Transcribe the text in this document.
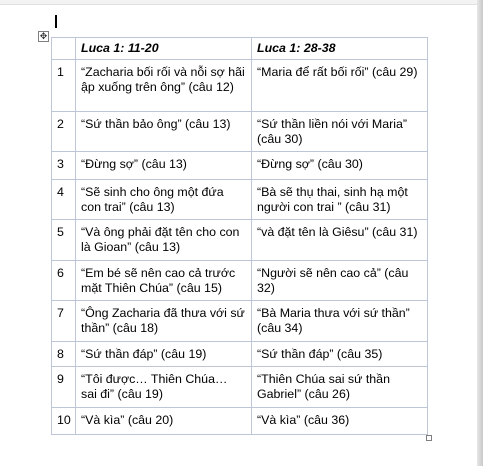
✥
	Luca 1: 11-20	Luca 1: 28-38
1	“Zacharia bối rối và nỗi sợ hãi ập xuống trên ông” (câu 12)	“Maria để rất bối rối” (câu 29)
2	“Sứ thần bảo ông” (câu 13)	“Sứ thần liền nói với Maria” (câu 30)
3	“Đừng sợ” (câu 13)	“Đừng sợ” (câu 30)
4	“Sẽ sinh cho ông một đứa con trai” (câu 13)	“Bà sẽ thụ thai, sinh hạ một người con trai ” (câu 31)
5	“Và ông phải đặt tên cho con là Gioan” (câu 13)	“và đặt tên là Giêsu” (câu 31)
6	“Em bé sẽ nên cao cả trước mặt Thiên Chúa” (câu 15)	“Người sẽ nên cao cả” (câu 32)
7	“Ông Zacharia đã thưa với sứ thần” (câu 18)	“Bà Maria thưa với sứ thần” (câu 34)
8	“Sứ thần đáp” (câu 19)	“Sứ thần đáp” (câu 35)
9	“Tôi được… Thiên Chúa… sai đi” (câu 19)	“Thiên Chúa sai sứ thần Gabriel” (câu 26)
10	“Và kìa” (câu 20)	“Và kìa” (câu 36)
